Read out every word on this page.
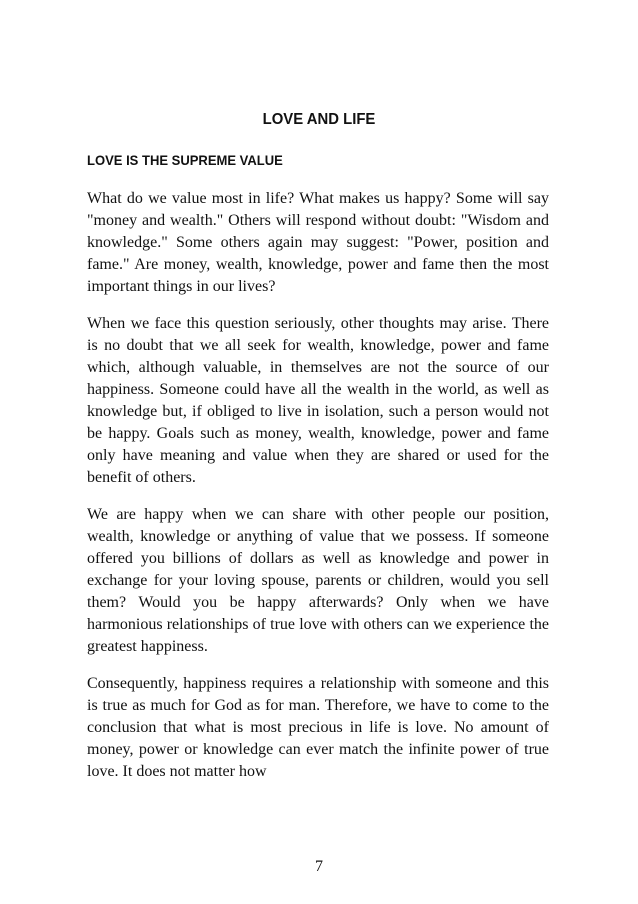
LOVE AND LIFE
LOVE IS THE SUPREME VALUE

What do we value most in life? What makes us happy? Some will say "money and wealth." Others will respond without doubt: "Wisdom and knowledge." Some others again may suggest: "Power, position and fame." Are money, wealth, knowledge, power and fame then the most important things in our lives?

When we face this question seriously, other thoughts may arise. There is no doubt that we all seek for wealth, knowledge, power and fame which, although valuable, in themselves are not the source of our happiness. Someone could have all the wealth in the world, as well as knowledge but, if obliged to live in isolation, such a person would not be happy. Goals such as money, wealth, knowledge, power and fame only have meaning and value when they are shared or used for the benefit of others.

We are happy when we can share with other people our position, wealth, knowledge or anything of value that we possess. If someone offered you billions of dollars as well as knowledge and power in exchange for your loving spouse, parents or children, would you sell them? Would you be happy afterwards? Only when we have harmonious relationships of true love with others can we experience the greatest happiness.

Consequently, happiness requires a relationship with someone and this is true as much for God as for man. Therefore, we have to come to the conclusion that what is most precious in life is love. No amount of money, power or knowledge can ever match the infinite power of true love. It does not matter how

7
